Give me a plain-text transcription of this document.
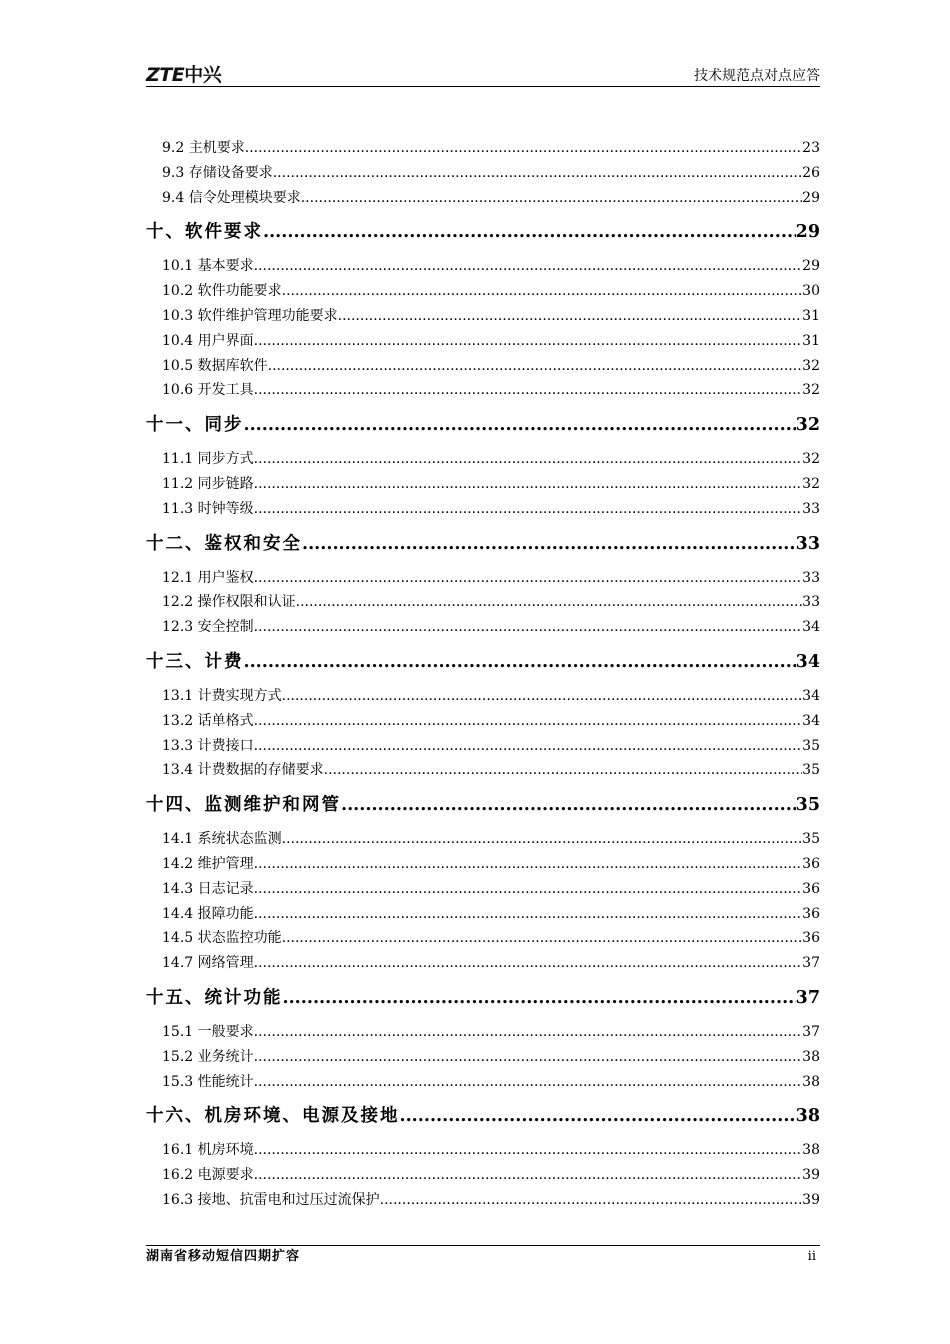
ZTE中兴	技术规范点对点应答
9.2 主机要求 .....	23
9.3 存储设备要求 .....	26
9.4 信令处理模块要求 .....	29
十、软件要求 .....	29
10.1 基本要求 .....	29
10.2 软件功能要求 .....	30
10.3 软件维护管理功能要求 .....	31
10.4 用户界面 .....	31
10.5 数据库软件 .....	32
10.6 开发工具 .....	32
十一、同步 .....	32
11.1 同步方式 .....	32
11.2 同步链路 .....	32
11.3 时钟等级 .....	33
十二、鉴权和安全 .....	33
12.1 用户鉴权 .....	33
12.2 操作权限和认证 .....	33
12.3 安全控制 .....	34
十三、计费 .....	34
13.1 计费实现方式 .....	34
13.2 话单格式 .....	34
13.3 计费接口 .....	35
13.4 计费数据的存储要求 .....	35
十四、监测维护和网管 .....	35
14.1 系统状态监测 .....	35
14.2 维护管理 .....	36
14.3 日志记录 .....	36
14.4 报障功能 .....	36
14.5 状态监控功能 .....	36
14.7 网络管理 .....	37
十五、统计功能 .....	37
15.1 一般要求 .....	37
15.2 业务统计 .....	38
15.3 性能统计 .....	38
十六、机房环境、电源及接地 .....	38
16.1 机房环境 .....	38
16.2 电源要求 .....	39
16.3 接地、抗雷电和过压过流保护 .....	39
湖南省移动短信四期扩容	ii
